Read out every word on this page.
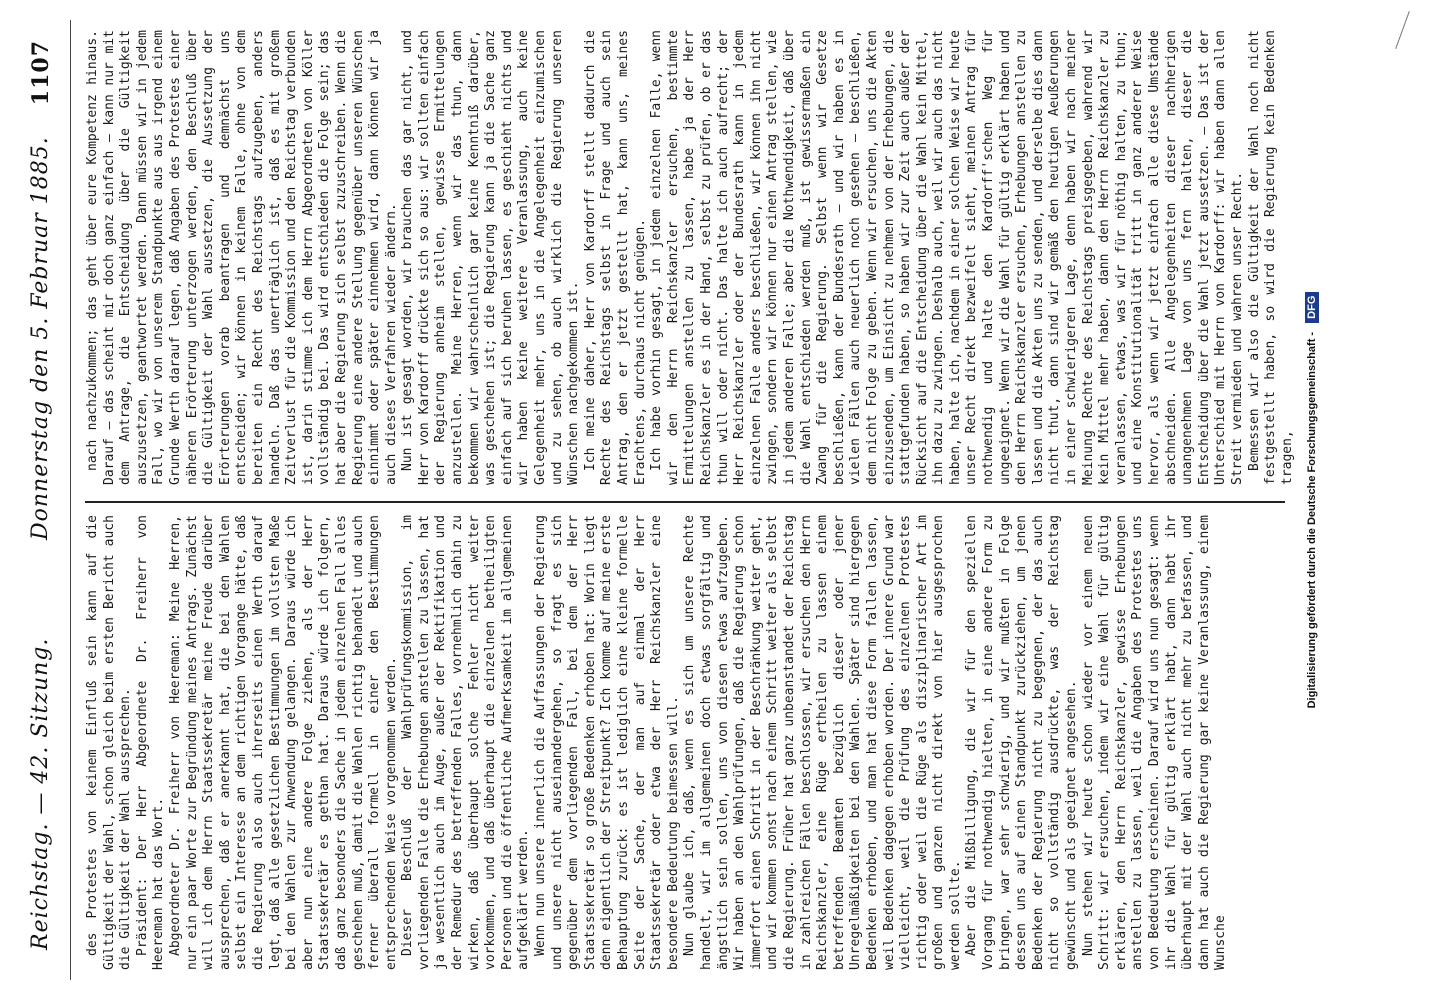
Reichstag. — 42. Sitzung.
Donnerstag den 5. Februar 1885.
1107

des Protestes von keinem Einfluß sein kann auf die Gültigkeit der Wahl, schon gleich beim ersten Bericht auch die Gültigkeit der Wahl aussprechen. Präsident: Der Herr Abgeordnete Dr. Freiherr von Heereman hat das Wort. Abgeordneter Dr. Freiherr von Heereman: Meine Herren, nur ein paar Worte zur Begründung meines Antrags. Zunächst will ich dem Herrn Staatssekretär meine Freude darüber aussprechen, daß er anerkannt hat, die bei den Wahlen selbst ein Interesse an dem richtigen Vorgange hätte, daß die Regierung also auch ihrerseits einen Werth darauf legt, daß alle gesetzlichen Bestimmungen im vollsten Maße bei den Wahlen zur Anwendung gelangen. Daraus würde ich aber nun eine andere Folge ziehen, als der Herr Staatssekretär es gethan hat. Daraus würde ich folgern, daß ganz besonders die Sache in jedem einzelnen Fall alles geschehen muß, damit die Wahlen richtig behandelt und auch ferner überall formell in einer den Bestimmungen entsprechenden Weise vorgenommen werden. Dieser Beschluß der Wahlprüfungskommission, im vorliegenden Falle die Erhebungen anstellen zu lassen, hat ja wesentlich auch im Auge, außer der Rektifikation und der Remedur des betreffenden Falles, vornehmlich dahin zu wirken, daß überhaupt solche Fehler nicht weiter vorkommen, und daß überhaupt die einzelnen betheiligten Personen und die öffentliche Aufmerksamkeit im allgemeinen aufgeklärt werden. Wenn nun unsere innerlich die Auffassungen der Regierung und unsere nicht auseinandergehen, so fragt es sich gegenüber dem vorliegenden Fall, bei dem der Herr Staatssekretär so große Bedenken erhoben hat: Worin liegt denn eigentlich der Streitpunkt? Ich komme auf meine erste Behauptung zurück: es ist lediglich eine kleine formelle Seite der Sache, der man auf einmal der Herr Staatssekretär oder etwa der Herr Reichskanzler eine besondere Bedeutung beimessen will. Nun glaube ich, daß, wenn es sich um unsere Rechte handelt, wir im allgemeinen doch etwas sorgfältig und ängstlich sein sollen, uns von diesen etwas aufzugeben. Wir haben an den Wahlprüfungen, daß die Regierung schon immerfort einen Schritt in der Beschränkung weiter geht, und wir kommen sonst nach einem Schritt weiter als selbst die Regierung. Früher hat ganz unbeanstandet der Reichstag in zahlreichen Fällen beschlossen, wir ersuchen den Herrn Reichskanzler, eine Rüge ertheilen zu lassen einem betreffenden Beamten bezüglich dieser oder jener Unregelmäßigkeiten bei den Wahlen. Später sind hiergegen Bedenken erhoben, und man hat diese Form fallen lassen, weil Bedenken dagegen erhoben worden. Der innere Grund war vielleicht, weil die Prüfung des einzelnen Protestes richtig oder weil die Rüge als disziplinarischer Art im großen und ganzen nicht direkt von hier ausgesprochen werden sollte. Aber die Mißbilligung, die wir für den speziellen Vorgang für nothwendig hielten, in eine andere Form zu bringen, war sehr schwierig, und wir mußten in Folge dessen uns auf einen Standpunkt zurückziehen, um jenen Bedenken der Regierung nicht zu begegnen, der das auch nicht so vollständig ausdrückte, was der Reichstag gewünscht und als geeignet angesehen. Nun stehen wir heute schon wieder vor einem neuen Schritt: wir ersuchen, indem wir eine Wahl für gültig erklären, den Herrn Reichskanzler, gewisse Erhebungen anstellen zu lassen, weil die Angaben des Protestes uns von Bedeutung erscheinen. Darauf wird uns nun gesagt: wenn ihr die Wahl für gültig erklärt habt, dann habt ihr überhaupt mit der Wahl auch nicht mehr zu befassen, und dann hat auch die Regierung gar keine Veranlassung, einem Wunsche

nach nachzukommen; das geht über eure Kompetenz hinaus. Darauf — das scheint mir doch ganz einfach — kann nur mit dem Antrage, die Entscheidung über die Gültigkeit auszusetzen, geantwortet werden. Dann müssen wir in jedem Fall, wo wir von unserem Standpunkte aus aus irgend einem Grunde Werth darauf legen, daß Angaben des Protestes einer näheren Erörterung unterzogen werden, den Beschluß über die Gültigkeit der Wahl aussetzen, die Aussetzung der Erörterungen vorab beantragen und demnächst uns entscheiden; wir können in keinem Falle, ohne von dem bereiten ein Recht des Reichstags aufzugeben, anders handeln. Daß das unerträglich ist, daß es mit großem Zeitverlust für die Kommission und den Reichstag verbunden ist, darin stimme ich dem Herrn Abgeordneten von Köller vollständig bei. Das wird entschieden die Folge sein; das hat aber die Regierung sich selbst zuzuschreiben. Wenn die Regierung eine andere Stellung gegenüber unseren Wünschen einnimmt oder später einnehmen wird, dann können wir ja auch dieses Verfahren wieder ändern. Nun ist gesagt worden, wir brauchen das gar nicht, und Herr von Kardorff drückte sich so aus: wir sollten einfach der Regierung anheim stellen, gewisse Ermittelungen anzustellen. Meine Herren, wenn wir das thun, dann bekommen wir wahrscheinlich gar keine Kenntniß darüber, was geschehen ist; die Regierung kann ja die Sache ganz einfach auf sich beruhen lassen, es geschieht nichts und wir haben keine weitere Veranlassung, auch keine Gelegenheit mehr, uns in die Angelegenheit einzumischen und zu sehen, ob auch wirklich die Regierung unseren Wünschen nachgekommen ist. Ich meine daher, Herr von Kardorff stellt dadurch die Rechte des Reichstags selbst in Frage und auch sein Antrag, den er jetzt gestellt hat, kann uns, meines Erachtens, durchaus nicht genügen. Ich habe vorhin gesagt, in jedem einzelnen Falle, wenn wir den Herrn Reichskanzler ersuchen, bestimmte Ermittelungen anstellen zu lassen, habe ja der Herr Reichskanzler es in der Hand, selbst zu prüfen, ob er das thun will oder nicht. Das halte ich auch aufrecht; der Herr Reichskanzler oder der Bundesrath kann in jedem einzelnen Falle anders beschließen, wir können ihn nicht zwingen, sondern wir können nur einen Antrag stellen, wie in jedem anderen Falle; aber die Nothwendigkeit, daß über die Wahl entschieden werden muß, ist gewissermaßen ein Zwang für die Regierung. Selbst wenn wir Gesetze beschließen, kann der Bundesrath — und wir haben es in vielen Fällen auch neuerlich noch gesehen — beschließen, dem nicht Folge zu geben. Wenn wir ersuchen, uns die Akten einzusenden, um Einsicht zu nehmen von der Erhebungen, die stattgefunden haben, so haben wir zur Zeit auch außer der Rücksicht auf die Entscheidung über die Wahl kein Mittel, ihn dazu zu zwingen. Deshalb auch, weil wir auch das nicht haben, halte ich, nachdem in einer solchen Weise wir heute unser Recht direkt bezweifelt sieht, meinen Antrag für nothwendig und halte den Kardorff'schen Weg für ungeeignet. Wenn wir die Wahl für gültig erklärt haben und den Herrn Reichskanzler ersuchen, Erhebungen anstellen zu lassen und die Akten uns zu senden, und derselbe dies dann nicht thut, dann sind wir gemäß den heutigen Aeußerungen in einer schwierigeren Lage, denn haben wir nach meiner Meinung Rechte des Reichstags preisgegeben, wahrend wir kein Mittel mehr haben, dann den Herrn Reichskanzler zu veranlassen, etwas, was wir für nöthig halten, zu thun; und eine Konstitutionalität tritt in ganz anderer Weise hervor, als wenn wir jetzt einfach alle diese Umstände abschneiden. Alle Angelegenheiten dieser nachherigen unangenehmen Lage von uns fern halten, dieser die Entscheidung über die Wahl jetzt aussetzen. — Das ist der Unterschied mit Herrn von Kardorff: wir haben dann allen Streit vermieden und wahren unser Recht. Bemessen wir also die Gültigkeit der Wahl noch nicht festgestellt haben, so wird die Regierung kein Bedenken tragen, Digitalisierung gefördert durch die Deutsche Forschungsgemeinschaft - DFG
